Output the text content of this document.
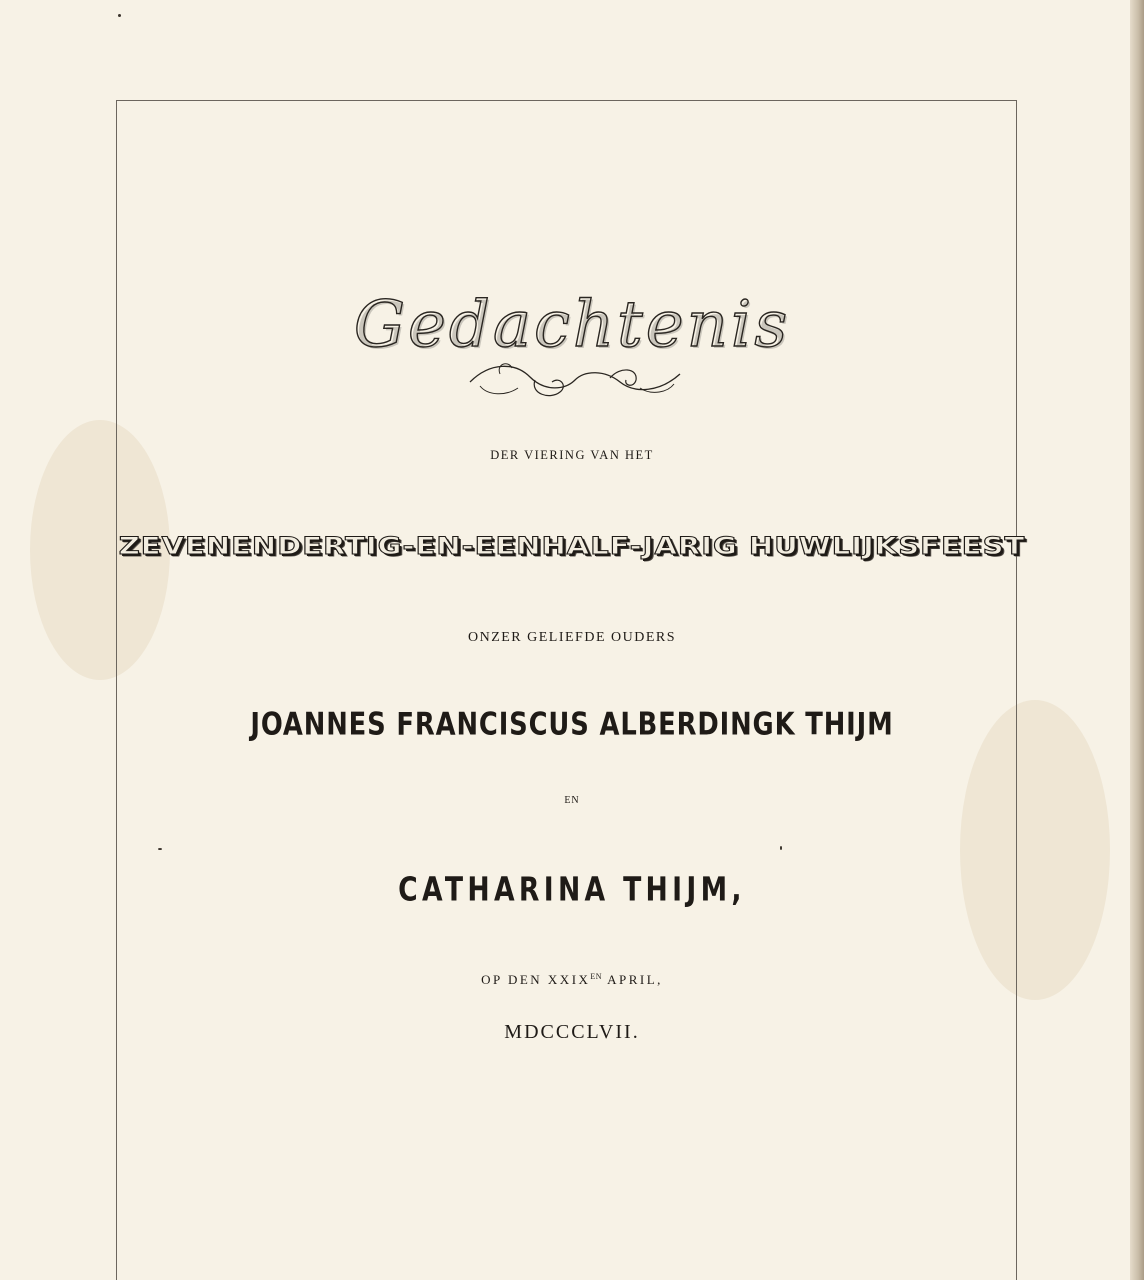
Gedachtenis
DER VIERING VAN HET
ZEVENENDERTIG-EN-EENHALF-JARIG HUWLIJKSFEEST
ONZER GELIEFDE OUDERS
JOANNES FRANCISCUS ALBERDINGK THIJM
EN
CATHARINA THIJM,
OP DEN $XXIX^{EN}$ APRIL,
MDCCCLVII.
